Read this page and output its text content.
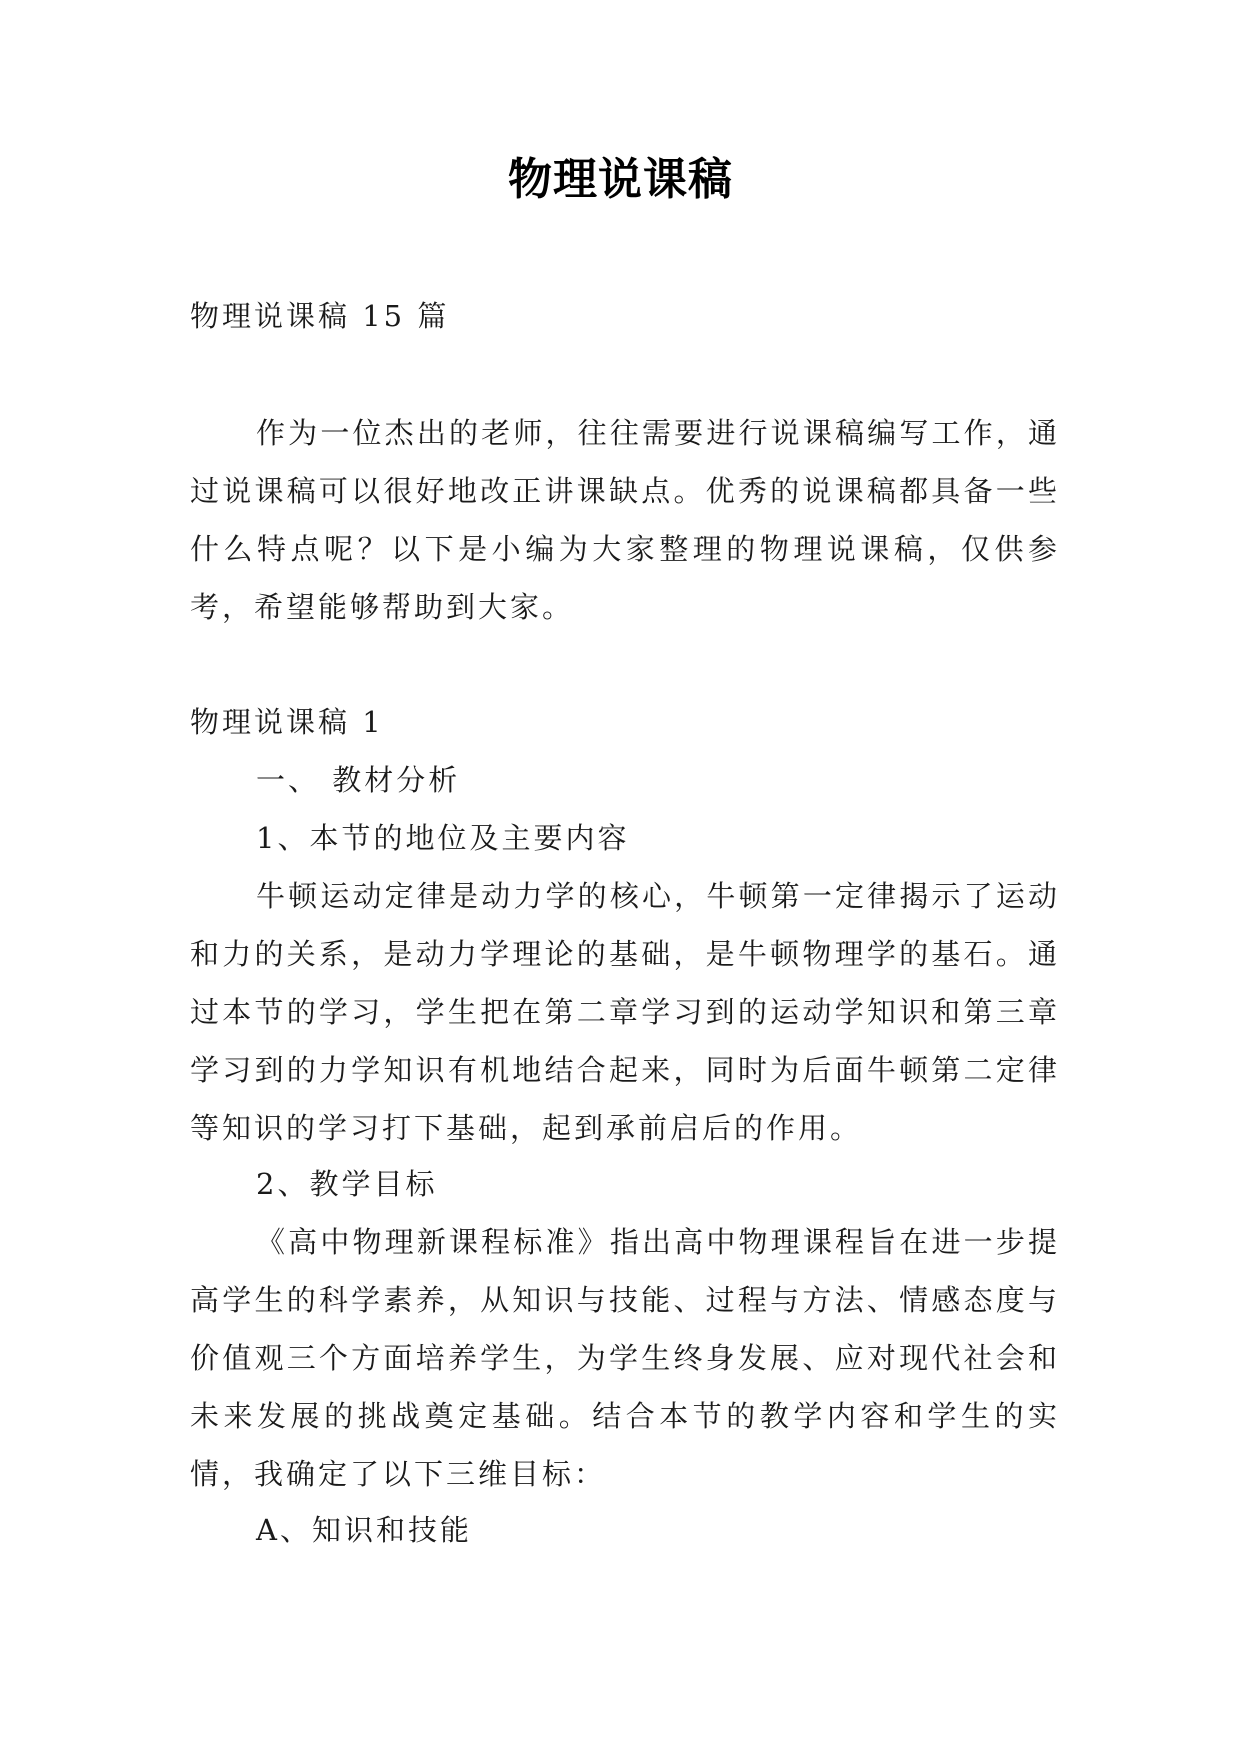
物理说课稿
物理说课稿 15 篇
作为一位杰出的老师，往往需要进行说课稿编写工作，通过说课稿可以很好地改正讲课缺点。优秀的说课稿都具备一些什么特点呢？以下是小编为大家整理的物理说课稿，仅供参考，希望能够帮助到大家。
物理说课稿 1
一、 教材分析
1、本节的地位及主要内容
牛顿运动定律是动力学的核心，牛顿第一定律揭示了运动和力的关系，是动力学理论的基础，是牛顿物理学的基石。通过本节的学习，学生把在第二章学习到的运动学知识和第三章学习到的力学知识有机地结合起来，同时为后面牛顿第二定律等知识的学习打下基础，起到承前启后的作用。
2、教学目标
《高中物理新课程标准》指出高中物理课程旨在进一步提高学生的科学素养，从知识与技能、过程与方法、情感态度与价值观三个方面培养学生，为学生终身发展、应对现代社会和未来发展的挑战奠定基础。结合本节的教学内容和学生的实情，我确定了以下三维目标：
A、知识和技能
